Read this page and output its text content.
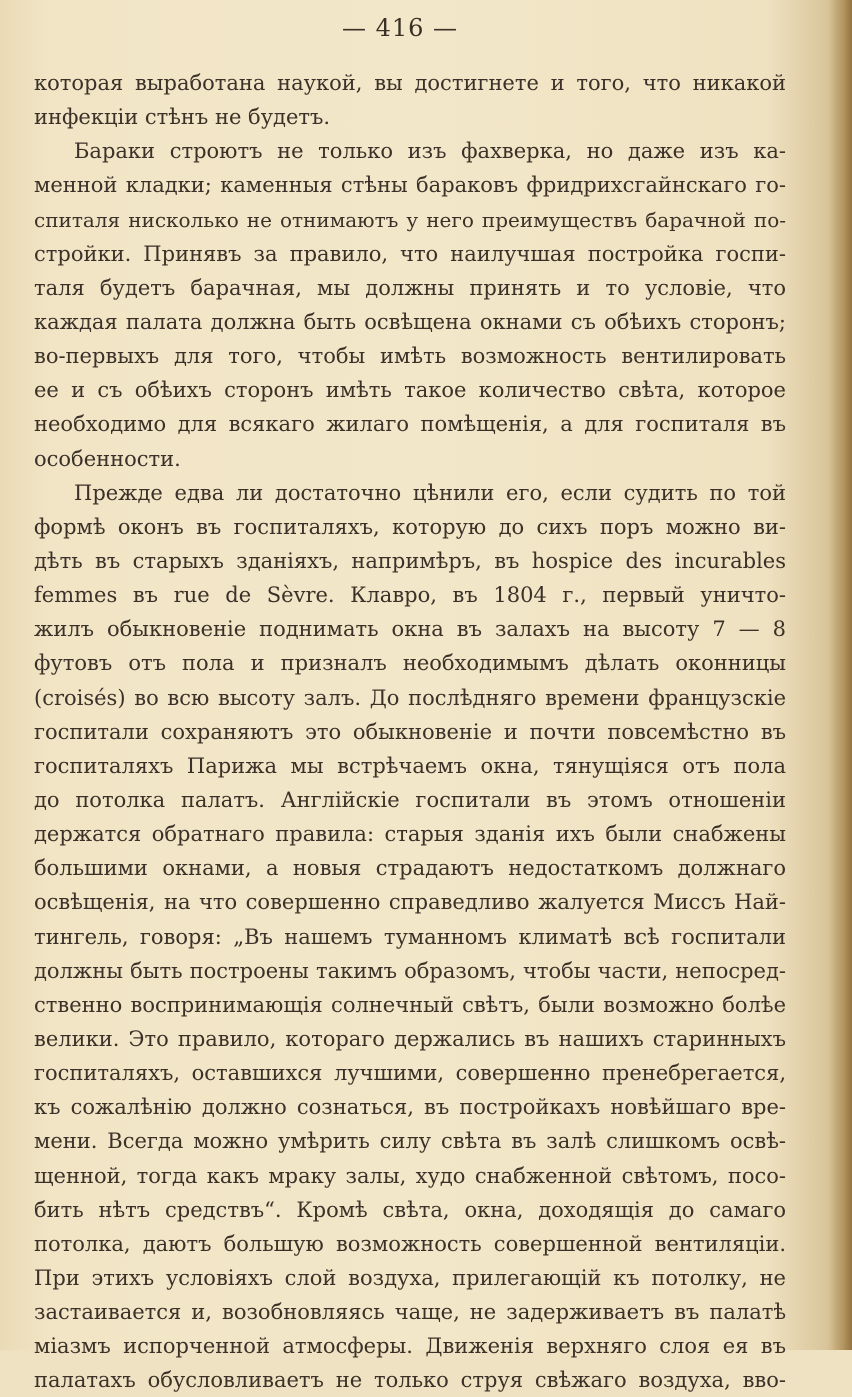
— 416 —
которая выработана наукой, вы достигнете и того, что никакой
инфекціи стѣнъ не будетъ.
Бараки строютъ не только изъ фахверка, но даже изъ ка-
менной кладки; каменныя стѣны бараковъ фридрихсгайнскаго го-
спиталя нисколько не отнимаютъ у него преимуществъ барачной по-
стройки. Принявъ за правило, что наилучшая постройка госпи-
таля будетъ барачная, мы должны принять и то условіе, что
каждая палата должна быть освѣщена окнами съ обѣихъ сторонъ;
во-первыхъ для того, чтобы имѣть возможность вентилировать
ее и съ обѣихъ сторонъ имѣть такое количество свѣта, которое
необходимо для всякаго жилаго помѣщенія, а для госпиталя въ
особенности.
Прежде едва ли достаточно цѣнили его, если судить по той
формѣ оконъ въ госпиталяхъ, которую до сихъ поръ можно ви-
дѣть въ старыхъ зданіяхъ, напримѣръ, въ hospice des incurables
femmes въ rue de Sèvre. Клавро, въ 1804 г., первый уничто-
жилъ обыкновеніе поднимать окна въ залахъ на высоту 7 — 8
футовъ отъ пола и призналъ необходимымъ дѣлать оконницы
(croisés) во всю высоту залъ. До послѣдняго времени французскіе
госпитали сохраняютъ это обыкновеніе и почти повсемѣстно въ
госпиталяхъ Парижа мы встрѣчаемъ окна, тянущіяся отъ пола
до потолка палатъ. Англійскіе госпитали въ этомъ отношеніи
держатся обратнаго правила: старыя зданія ихъ были снабжены
большими окнами, а новыя страдаютъ недостаткомъ должнаго
освѣщенія, на что совершенно справедливо жалуется Миссъ Най-
тингель, говоря: „Въ нашемъ туманномъ климатѣ всѣ госпитали
должны быть построены такимъ образомъ, чтобы части, непосред-
ственно воспринимающія солнечный свѣтъ, были возможно болѣе
велики. Это правило, котораго держались въ нашихъ старинныхъ
госпиталяхъ, оставшихся лучшими, совершенно пренебрегается,
къ сожалѣнію должно сознаться, въ постройкахъ новѣйшаго вре-
мени. Всегда можно умѣрить силу свѣта въ залѣ слишкомъ освѣ-
щенной, тогда какъ мраку залы, худо снабженной свѣтомъ, посо-
бить нѣтъ средствъ“. Кромѣ свѣта, окна, доходящія до самаго
потолка, даютъ большую возможность совершенной вентиляціи.
При этихъ условіяхъ слой воздуха, прилегающій къ потолку, не
застаивается и, возобновляясь чаще, не задерживаетъ въ палатѣ
міазмъ испорченной атмосферы. Движенія верхняго слоя ея въ
палатахъ обусловливаетъ не только струя свѣжаго воздуха, вво-
